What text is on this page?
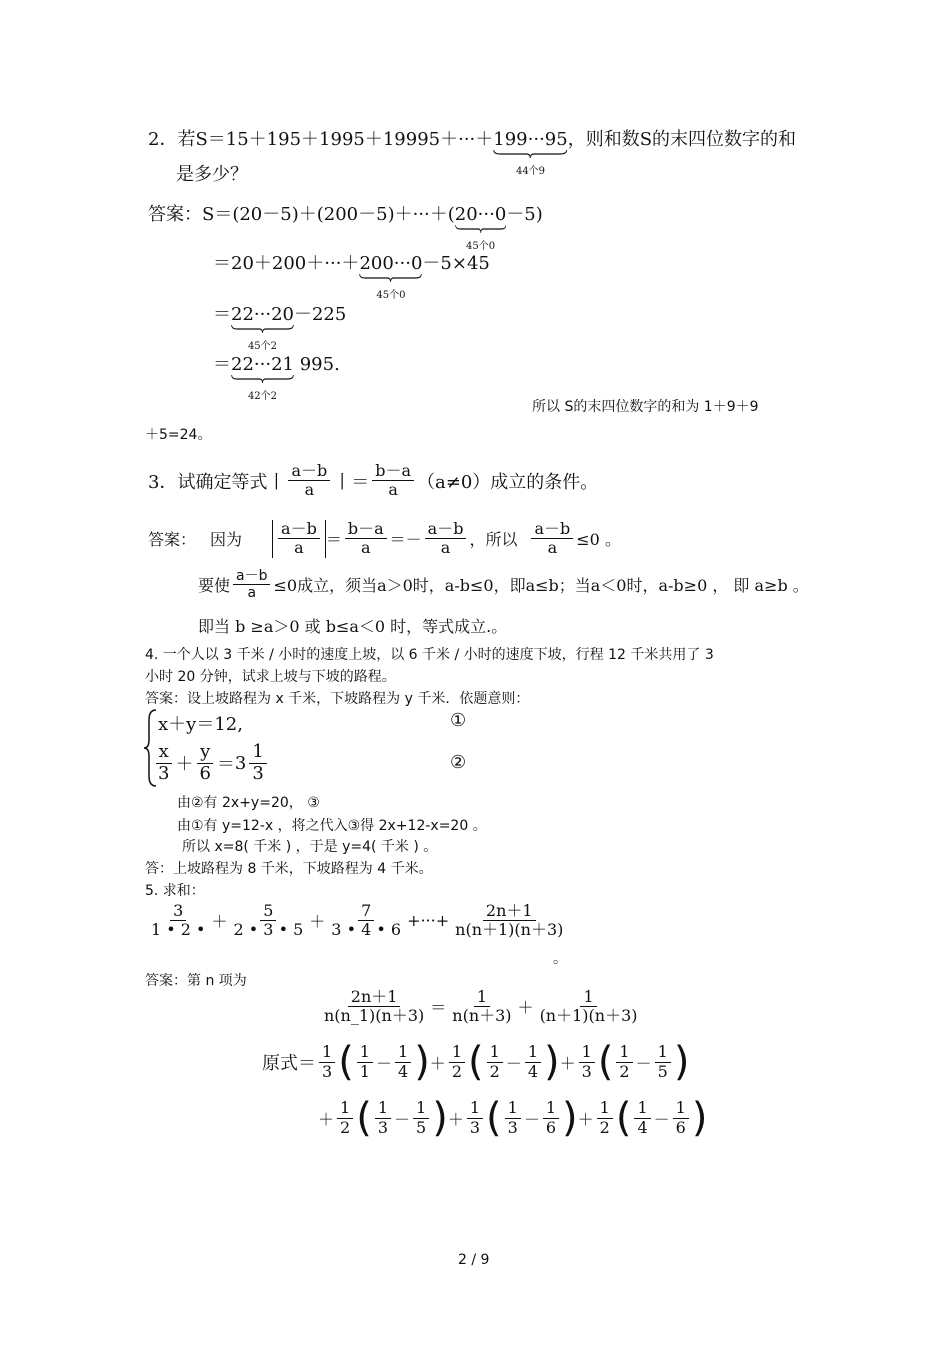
2．若S＝15＋195＋1995＋19995＋···＋199···95
44个9
，则和数S的末四位数字的和
是多少？
答案：S＝(20－5)＋(200－5)＋···＋(20···0
45个0
－5)
＝20＋200＋···＋200···0
45个0
－5×45
＝22···20
45个2
－225
＝22···21
42个2
995.
所以 S的末四位数字的和为 1＋9＋9
＋5=24。
3．试确定等式丨 $\frac{a-b}{a}$ 丨＝ $\frac{b-a}{a} (a\ne 0)$成立的条件。
答案： 因为 $\frac{a-b}{a} = \frac{b-a}{a} =- \frac{a-b}{a}$ ，所以 $\frac{a-b}{a} \le 0$ 。
要使 $\frac{a-b}{a} \le 0$成立，须当a＞0时，a-b≤0，即a≤b；当a＜0时，a-b≥0 ， 即 a≥b 。
即当 b ≥a＞0 或 b≤a＜0 时，等式成立.。
4. 一个人以 3 千米 / 小时的速度上坡，以 6 千米 / 小时的速度下坡，行程 12 千米共用了 3
小时 20 分钟，试求上坡与下坡的路程。
答案：设上坡路程为 x 千米，下坡路程为 y 千米．依题意则：
x＋y＝12,	①
$\frac{x}{3} + \frac{y}{6} = 3 \frac{1}{3}$	②
由②有 2x+y=20， ③
由①有 y=12-x ，将之代入③得 2x+12-x=20 。
所以 x=8( 千米 ) ，于是 y=4( 千米 ) 。
答：上坡路程为 8 千米，下坡路程为 4 千米。
5. 求和：
$\frac{3}{1 • 2 •} + \frac{5}{2 • 3 • 5} + \frac{7}{3 • 4 • 6}$ +···+ $\frac{2n+1}{n(n+1)(n+3)}$
。
答案：第 n 项为
$\frac{2n+1}{n(n\_1)(n+3)} = \frac{1}{n(n+3)} + \frac{1}{(n+1)(n+3)}$
原式＝ $\frac{1}{3}$ ( $\frac{1}{1} - \frac{1}{4}$ ) ＋ $\frac{1}{2}$ ( $\frac{1}{2} - \frac{1}{4}$ ) ＋ $\frac{1}{3}$ ( $\frac{1}{2} - \frac{1}{5}$ )
＋ $\frac{1}{2}$ ( $\frac{1}{3} - \frac{1}{5}$ ) ＋ $\frac{1}{3}$ ( $\frac{1}{3} - \frac{1}{6}$ ) ＋ $\frac{1}{2}$ ( $\frac{1}{4} - \frac{1}{6}$ )
2 / 9
